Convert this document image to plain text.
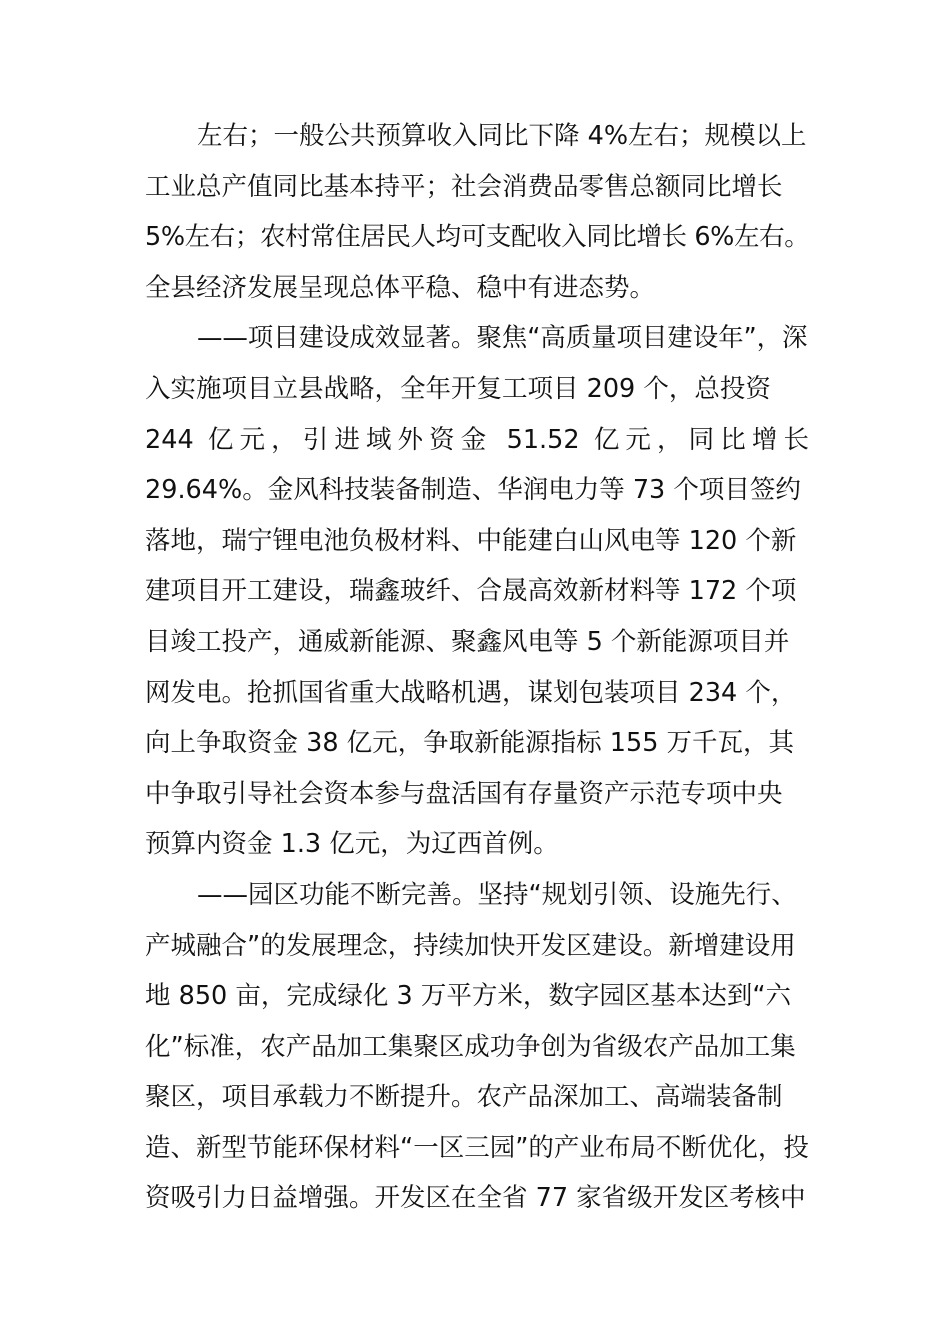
左右；一般公共预算收入同比下降 4%左右；规模以上
工业总产值同比基本持平；社会消费品零售总额同比增长
5%左右；农村常住居民人均可支配收入同比增长 6%左右。
全县经济发展呈现总体平稳、稳中有进态势。
——项目建设成效显著。聚焦“高质量项目建设年”，深
入实施项目立县战略，全年开复工项目 209 个，总投资
244 亿元，引进域外资金 51.52 亿元，同比增长
29.64%。金风科技装备制造、华润电力等 73 个项目签约
落地，瑞宁锂电池负极材料、中能建白山风电等 120 个新
建项目开工建设，瑞鑫玻纤、合晟高效新材料等 172 个项
目竣工投产，通威新能源、聚鑫风电等 5 个新能源项目并
网发电。抢抓国省重大战略机遇，谋划包装项目 234 个，
向上争取资金 38 亿元，争取新能源指标 155 万千瓦，其
中争取引导社会资本参与盘活国有存量资产示范专项中央
预算内资金 1.3 亿元，为辽西首例。
——园区功能不断完善。坚持“规划引领、设施先行、
产城融合”的发展理念，持续加快开发区建设。新增建设用
地 850 亩，完成绿化 3 万平方米，数字园区基本达到“六
化”标准，农产品加工集聚区成功争创为省级农产品加工集
聚区，项目承载力不断提升。农产品深加工、高端装备制
造、新型节能环保材料“一区三园”的产业布局不断优化，投
资吸引力日益增强。开发区在全省 77 家省级开发区考核中
